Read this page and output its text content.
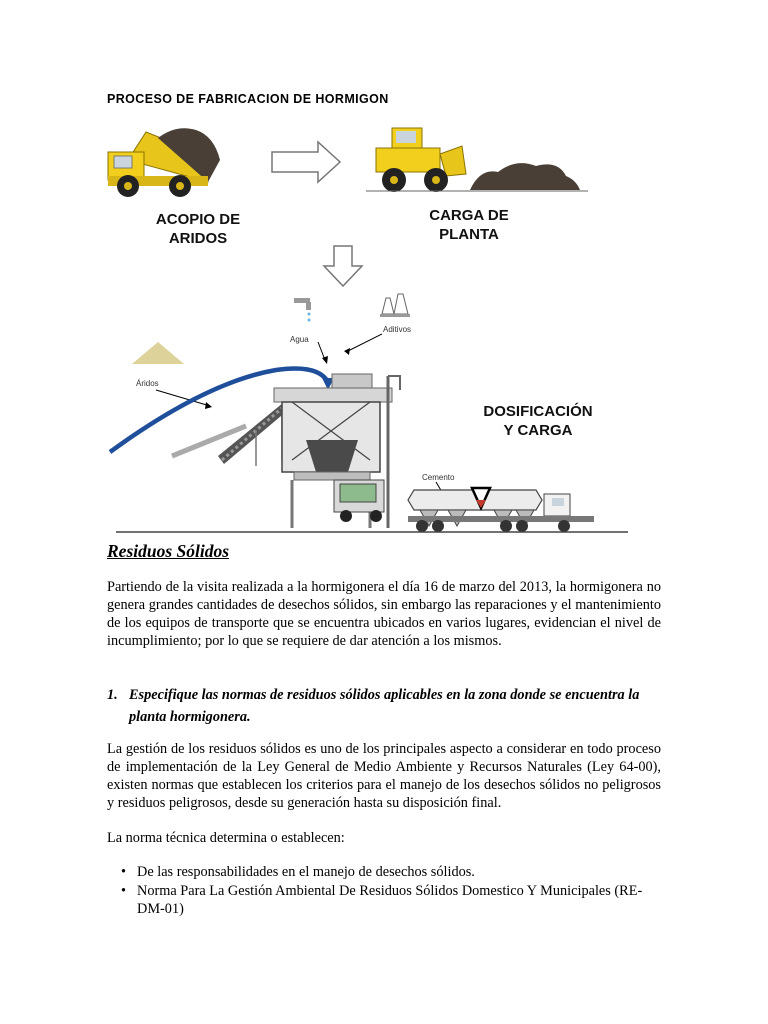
PROCESO DE FABRICACION DE HORMIGON
ACOPIO DE
ARIDOS
CARGA DE
PLANTA
Agua
Aditivos
Áridos
DOSIFICACIÓN
Y CARGA
Cemento
Residuos Sólidos

Partiendo de la visita realizada a la hormigonera el día 16 de marzo del 2013, la hormigonera no genera grandes cantidades de desechos sólidos, sin embargo las reparaciones y el mantenimiento de los equipos de transporte que se encuentra ubicados en varios lugares, evidencian el nivel de incumplimiento; por lo que se requiere de dar atención a los mismos.

1. Especifique las normas de residuos sólidos aplicables en la zona donde se encuentra la planta hormigonera.

La gestión de los residuos sólidos es uno de los principales aspecto a considerar en todo proceso de implementación de la Ley General de Medio Ambiente y Recursos Naturales (Ley 64-00), existen normas que establecen los criterios para el manejo de los desechos sólidos no peligrosos y residuos peligrosos, desde su generación hasta su disposición final.

La norma técnica determina o establecen:

• De las responsabilidades en el manejo de desechos sólidos.
• Norma Para La Gestión Ambiental De Residuos Sólidos Domestico Y Municipales (RE-DM-01)
